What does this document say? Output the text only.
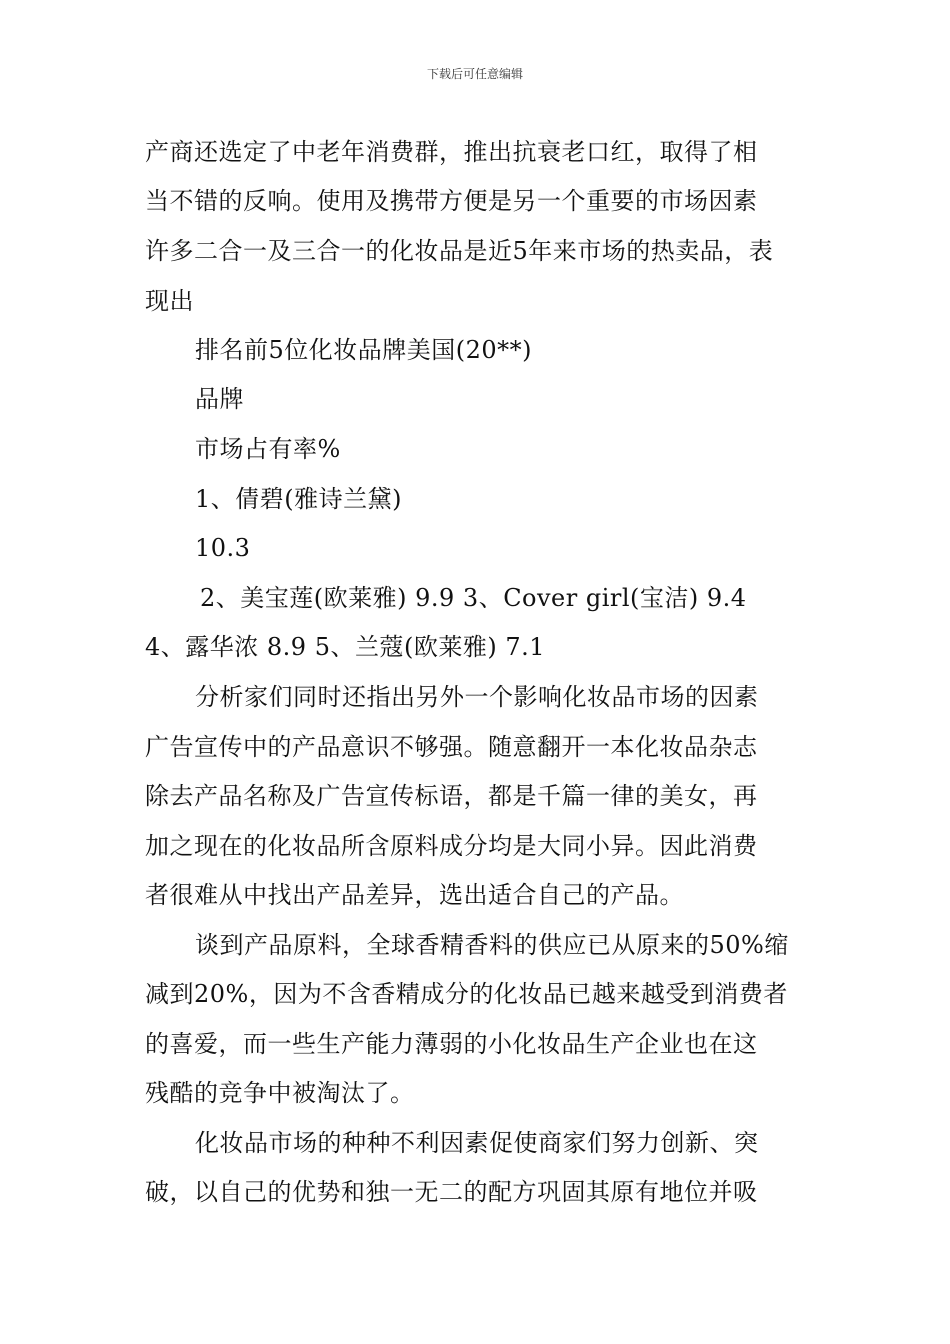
下载后可任意编辑
产商还选定了中老年消费群，推出抗衰老口红，取得了相
当不错的反响。使用及携带方便是另一个重要的市场因素
许多二合一及三合一的化妆品是近5年来市场的热卖品，表
现出
排名前5位化妆品牌美国(20**)
品牌
市场占有率%
1、倩碧(雅诗兰黛)
10.3
2、美宝莲(欧莱雅) 9.9 3、Cover girl(宝洁) 9.4
4、露华浓 8.9 5、兰蔻(欧莱雅) 7.1
分析家们同时还指出另外一个影响化妆品市场的因素
广告宣传中的产品意识不够强。随意翻开一本化妆品杂志
除去产品名称及广告宣传标语，都是千篇一律的美女，再
加之现在的化妆品所含原料成分均是大同小异。因此消费
者很难从中找出产品差异，选出适合自己的产品。
谈到产品原料，全球香精香料的供应已从原来的50%缩
减到20%，因为不含香精成分的化妆品已越来越受到消费者
的喜爱，而一些生产能力薄弱的小化妆品生产企业也在这
残酷的竞争中被淘汰了。
化妆品市场的种种不利因素促使商家们努力创新、突
破，以自己的优势和独一无二的配方巩固其原有地位并吸
